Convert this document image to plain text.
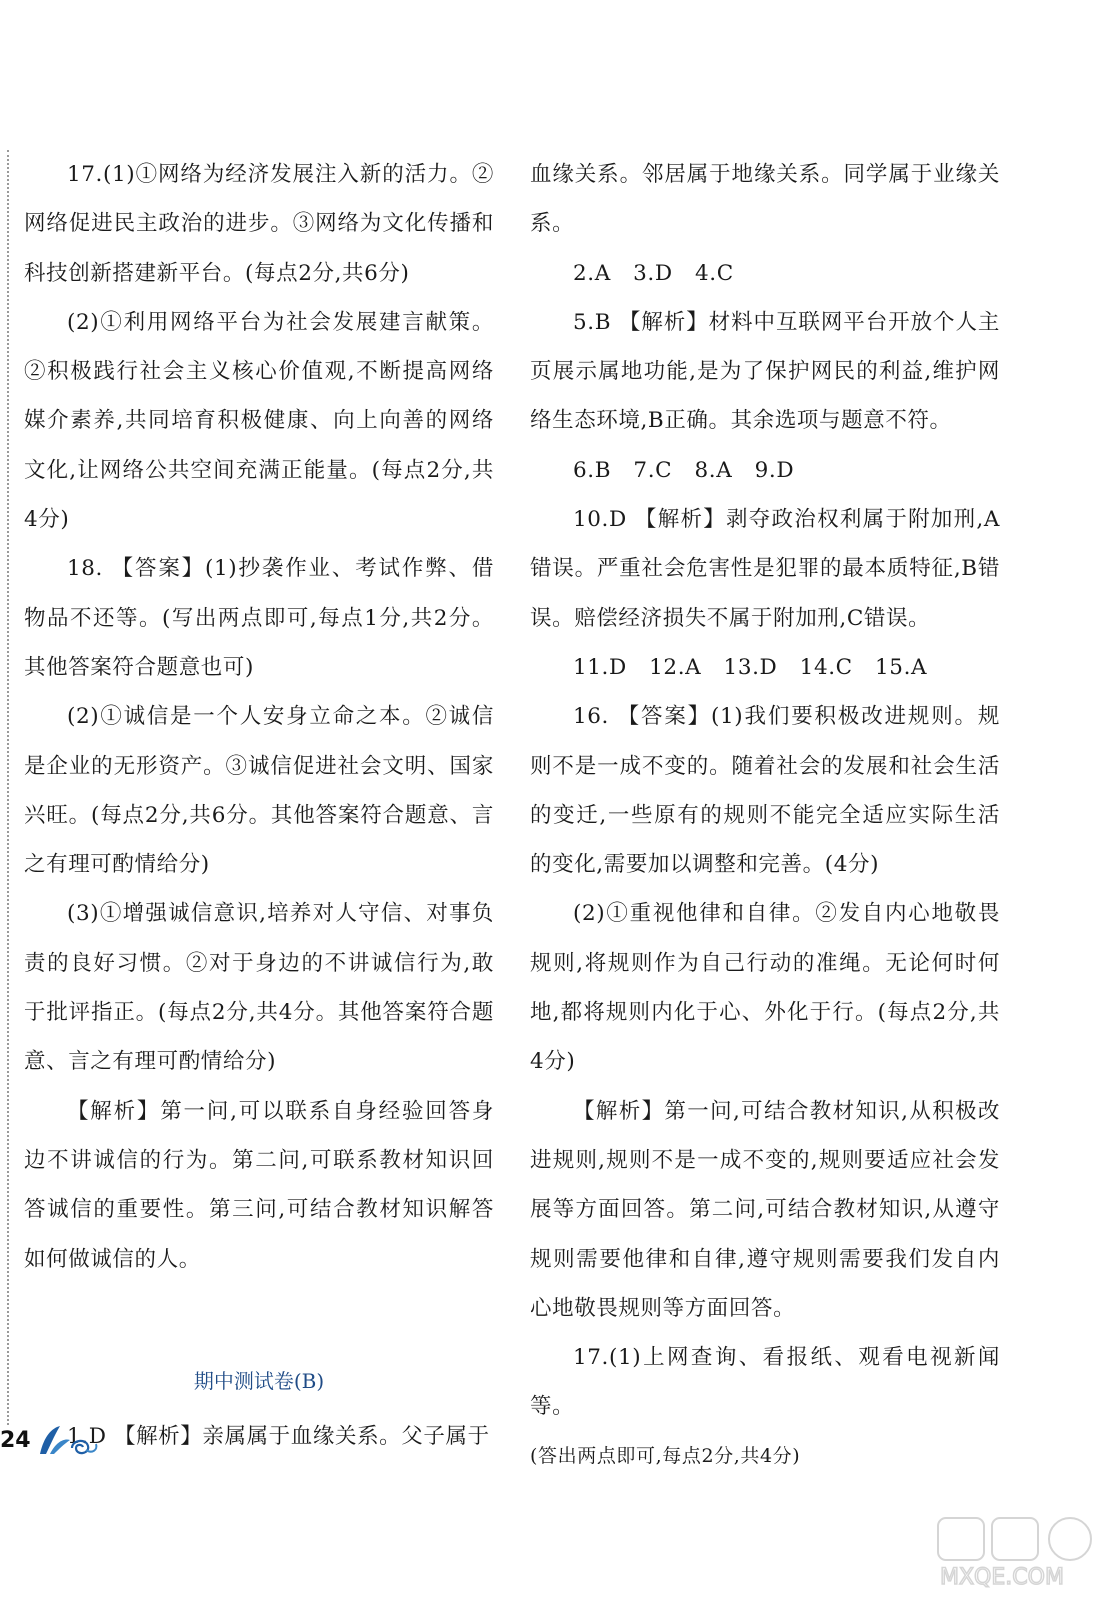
17.(1)①网络为经济发展注入新的活力。②网络促进民主政治的进步。③网络为文化传播和科技创新搭建新平台。(每点2分,共6分)

(2)①利用网络平台为社会发展建言献策。②积极践行社会主义核心价值观,不断提高网络媒介素养,共同培育积极健康、向上向善的网络文化,让网络公共空间充满正能量。(每点2分,共4分)

18. 【答案】(1)抄袭作业、考试作弊、借物品不还等。(写出两点即可,每点1分,共2分。其他答案符合题意也可)

(2)①诚信是一个人安身立命之本。②诚信是企业的无形资产。③诚信促进社会文明、国家兴旺。(每点2分,共6分。其他答案符合题意、言之有理可酌情给分)

(3)①增强诚信意识,培养对人守信、对事负责的良好习惯。②对于身边的不讲诚信行为,敢于批评指正。(每点2分,共4分。其他答案符合题意、言之有理可酌情给分)

【解析】第一问,可以联系自身经验回答身边不讲诚信的行为。第二问,可联系教材知识回答诚信的重要性。第三问,可结合教材知识解答如何做诚信的人。

期中测试卷(B)

1.D 【解析】亲属属于血缘关系。父子属于

血缘关系。邻居属于地缘关系。同学属于业缘关系。

2.A   3.D   4.C

5.B 【解析】材料中互联网平台开放个人主页展示属地功能,是为了保护网民的利益,维护网络生态环境,B正确。其余选项与题意不符。

6.B   7.C   8.A   9.D

10.D 【解析】剥夺政治权利属于附加刑,A错误。严重社会危害性是犯罪的最本质特征,B错误。赔偿经济损失不属于附加刑,C错误。

11.D   12.A   13.D   14.C   15.A

16. 【答案】(1)我们要积极改进规则。规则不是一成不变的。随着社会的发展和社会生活的变迁,一些原有的规则不能完全适应实际生活的变化,需要加以调整和完善。(4分)

(2)①重视他律和自律。②发自内心地敬畏规则,将规则作为自己行动的准绳。无论何时何地,都将规则内化于心、外化于行。(每点2分,共4分)

【解析】第一问,可结合教材知识,从积极改进规则,规则不是一成不变的,规则要适应社会发展等方面回答。第二问,可结合教材知识,从遵守规则需要他律和自律,遵守规则需要我们发自内心地敬畏规则等方面回答。

17.(1)上网查询、看报纸、观看电视新闻等。

(答出两点即可,每点2分,共4分)

24
MXQE.COM
